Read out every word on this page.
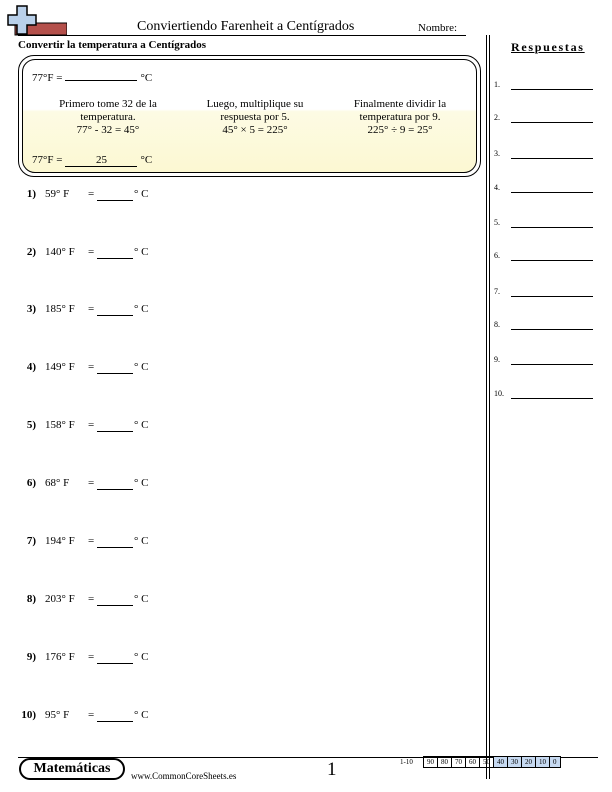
Conviertiendo Farenheit a Centígrados	Nombre:
Convertir la temperatura a Centígrados
77°F =	°C
Primero tome 32 de la
temperatura.
77° - 32 = 45°
Luego, multiplique su
respuesta por 5.
45° × 5 = 225°
Finalmente dividir la
temperatura por 9.
225° ÷ 9 = 25°
77°F =	25	°C
1) 59° F =	° C
2) 140° F =	° C
3) 185° F =	° C
4) 149° F =	° C
5) 158° F =	° C
6) 68° F =	° C
7) 194° F =	° C
8) 203° F =	° C
9) 176° F =	° C
10) 95° F =	° C
Respuestas
1.
2.
3.
4.
5.
6.
7.
8.
9.
10.
Matemáticas	www.CommonCoreSheets.es	1	1-10	90	80	70	60	50	40	30	20	10	0
